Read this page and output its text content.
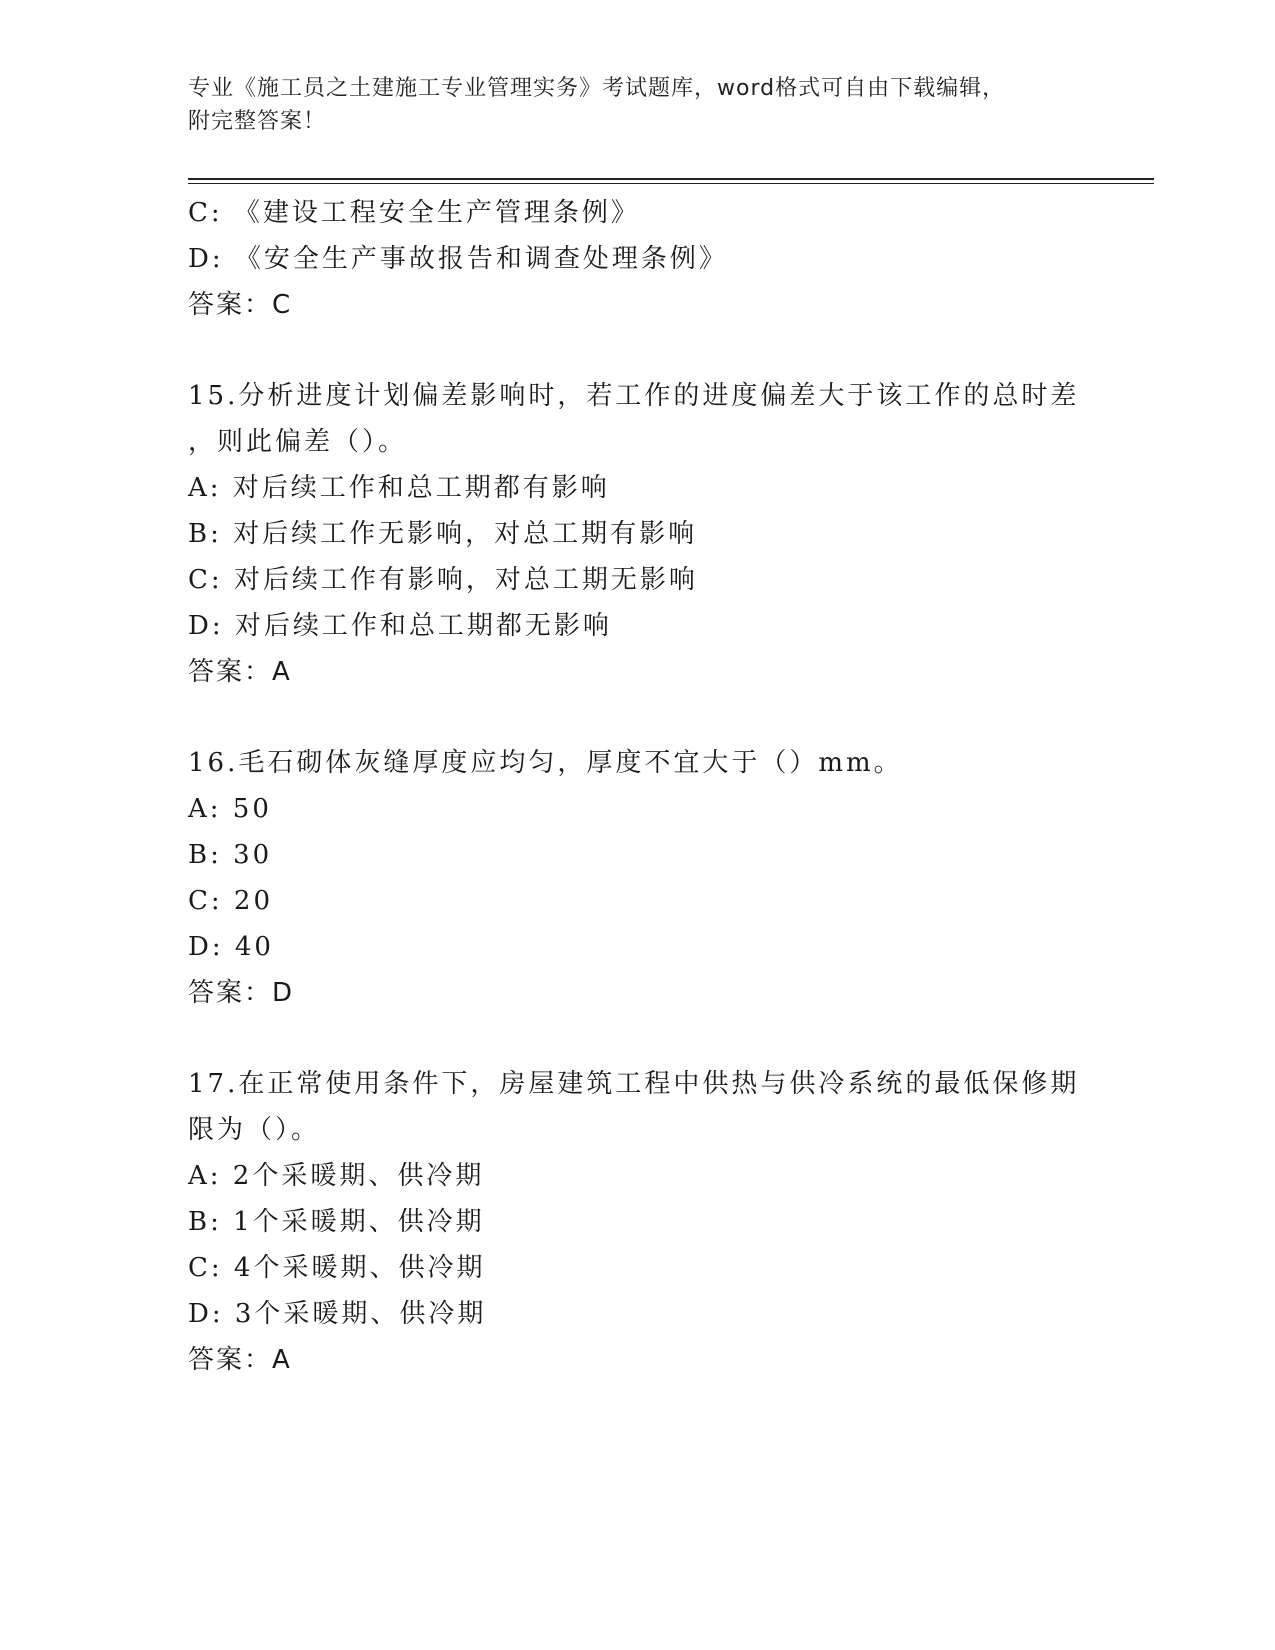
专业《施工员之土建施工专业管理实务》考试题库，word格式可自由下载编辑，
附完整答案！
C: 《建设工程安全生产管理条例》
D: 《安全生产事故报告和调查处理条例》
答案：C
15.分析进度计划偏差影响时，若工作的进度偏差大于该工作的总时差
，则此偏差（）。
A: 对后续工作和总工期都有影响
B: 对后续工作无影响，对总工期有影响
C: 对后续工作有影响，对总工期无影响
D: 对后续工作和总工期都无影响
答案：A
16.毛石砌体灰缝厚度应均匀，厚度不宜大于（）mm。
A: 50
B: 30
C: 20
D: 40
答案：D
17.在正常使用条件下，房屋建筑工程中供热与供冷系统的最低保修期
限为（）。
A: 2个采暖期、供冷期
B: 1个采暖期、供冷期
C: 4个采暖期、供冷期
D: 3个采暖期、供冷期
答案：A
